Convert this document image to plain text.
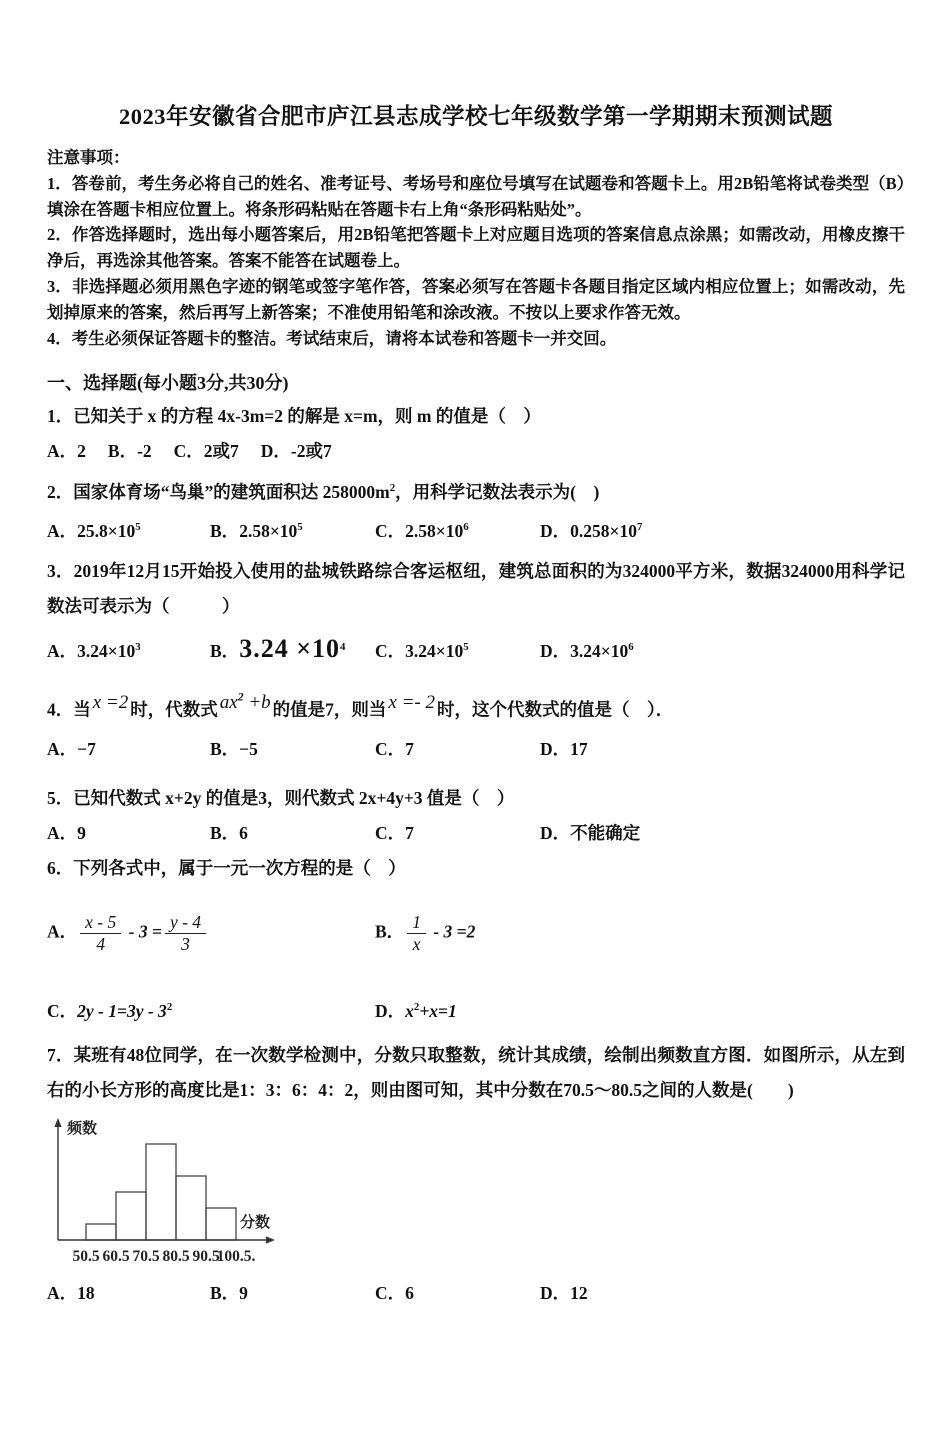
2023年安徽省合肥市庐江县志成学校七年级数学第一学期期末预测试题
注意事项：

1．答卷前，考生务必将自己的姓名、准考证号、考场号和座位号填写在试题卷和答题卡上。用2B铅笔将试卷类型（B）填涂在答题卡相应位置上。将条形码粘贴在答题卡右上角“条形码粘贴处”。

2．作答选择题时，选出每小题答案后，用2B铅笔把答题卡上对应题目选项的答案信息点涂黑；如需改动，用橡皮擦干净后，再选涂其他答案。答案不能答在试题卷上。

3．非选择题必须用黑色字迹的钢笔或签字笔作答，答案必须写在答题卡各题目指定区域内相应位置上；如需改动，先划掉原来的答案，然后再写上新答案；不准使用铅笔和涂改液。不按以上要求作答无效。

4．考生必须保证答题卡的整洁。考试结束后，请将本试卷和答题卡一并交回。

一、选择题(每小题3分,共30分)
1．已知关于 x 的方程 4x-3m=2 的解是 x=m，则 m 的值是（　）
A．2 B．-2 C．2或7 D．-2或7
2．国家体育场“鸟巢”的建筑面积达 $258000m^2$，用科学记数法表示为(　)
A．$25.8\times 10^5$	B．$2.58\times 10^5$	C．$2.58\times 10^6$	D．$0.258\times 10^7$
3．2019年12月15开始投入使用的盐城铁路综合客运枢纽，建筑总面积的为324000平方米，数据324000用科学记数法可表示为（　　　）
A．$3.24\times 10^3$	B．$3.24 \times 10^4$	C．$3.24\times 10^5$	D．$3.24\times 10^6$
4．当 x =2 时，代数式 $ax^2 +b$ 的值是7，则当 x =- 2 时，这个代数式的值是（　）．
A．−7	B．−5	C．7	D．17
5．已知代数式 x+2y 的值是3，则代数式 2x+4y+3 值是（　）
A．9	B．6	C．7	D．不能确定
6．下列各式中，属于一元一次方程的是（　）
A． $\frac{x - 5}{4} - 3 = \frac{y - 4}{3}$	B． $\frac{1}{x} - 3 =2$
C．$2y - 1=3y - 3^2$	D．$x^2+x=1$
7．某班有48位同学，在一次数学检测中，分数只取整数，统计其成绩，绘制出频数直方图．如图所示，从左到右的小长方形的高度比是1：3：6：4：2，则由图可知，其中分数在70.5～80.5之间的人数是(　　)
频数
分数
50.5 60.5 70.5 80.5 90.5
100.5.
A．18	B．9	C．6	D．12
